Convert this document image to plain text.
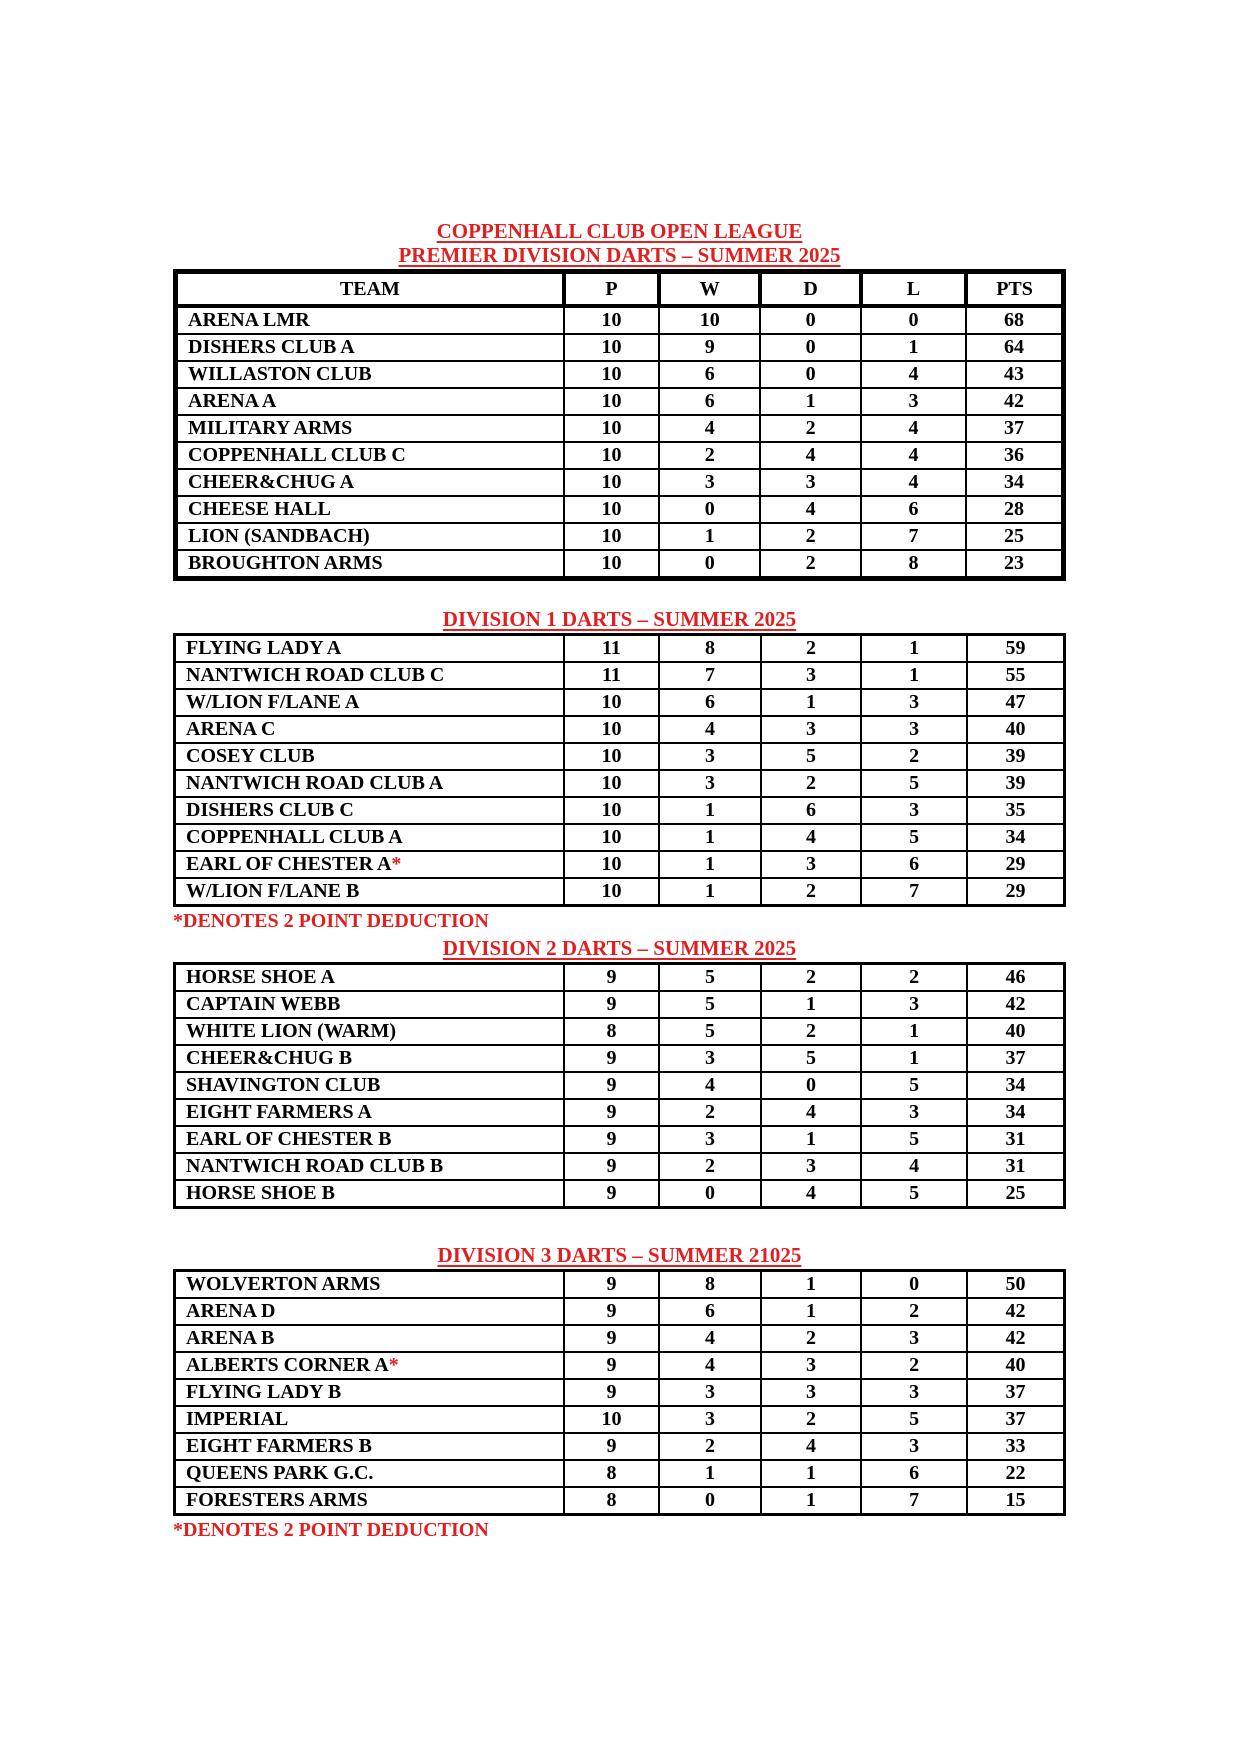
COPPENHALL CLUB OPEN LEAGUE
PREMIER DIVISION DARTS – SUMMER 2025
TEAM	P	W	D	L	PTS
ARENA LMR	10	10	0	0	68
DISHERS CLUB A	10	9	0	1	64
WILLASTON CLUB	10	6	0	4	43
ARENA A	10	6	1	3	42
MILITARY ARMS	10	4	2	4	37
COPPENHALL CLUB C	10	2	4	4	36
CHEER&CHUG A	10	3	3	4	34
CHEESE HALL	10	0	4	6	28
LION (SANDBACH)	10	1	2	7	25
BROUGHTON ARMS	10	0	2	8	23
DIVISION 1 DARTS – SUMMER 2025
FLYING LADY A	11	8	2	1	59
NANTWICH ROAD CLUB C	11	7	3	1	55
W/LION F/LANE A	10	6	1	3	47
ARENA C	10	4	3	3	40
COSEY CLUB	10	3	5	2	39
NANTWICH ROAD CLUB A	10	3	2	5	39
DISHERS CLUB C	10	1	6	3	35
COPPENHALL CLUB A	10	1	4	5	34
EARL OF CHESTER A*	10	1	3	6	29
W/LION F/LANE B	10	1	2	7	29

*DENOTES 2 POINT DEDUCTION

DIVISION 2 DARTS – SUMMER 2025
HORSE SHOE A	9	5	2	2	46
CAPTAIN WEBB	9	5	1	3	42
WHITE LION (WARM)	8	5	2	1	40
CHEER&CHUG B	9	3	5	1	37
SHAVINGTON CLUB	9	4	0	5	34
EIGHT FARMERS A	9	2	4	3	34
EARL OF CHESTER B	9	3	1	5	31
NANTWICH ROAD CLUB B	9	2	3	4	31
HORSE SHOE B	9	0	4	5	25
DIVISION 3 DARTS – SUMMER 21025
WOLVERTON ARMS	9	8	1	0	50
ARENA D	9	6	1	2	42
ARENA B	9	4	2	3	42
ALBERTS CORNER A*	9	4	3	2	40
FLYING LADY B	9	3	3	3	37
IMPERIAL	10	3	2	5	37
EIGHT FARMERS B	9	2	4	3	33
QUEENS PARK G.C.	8	1	1	6	22
FORESTERS ARMS	8	0	1	7	15

*DENOTES 2 POINT DEDUCTION
